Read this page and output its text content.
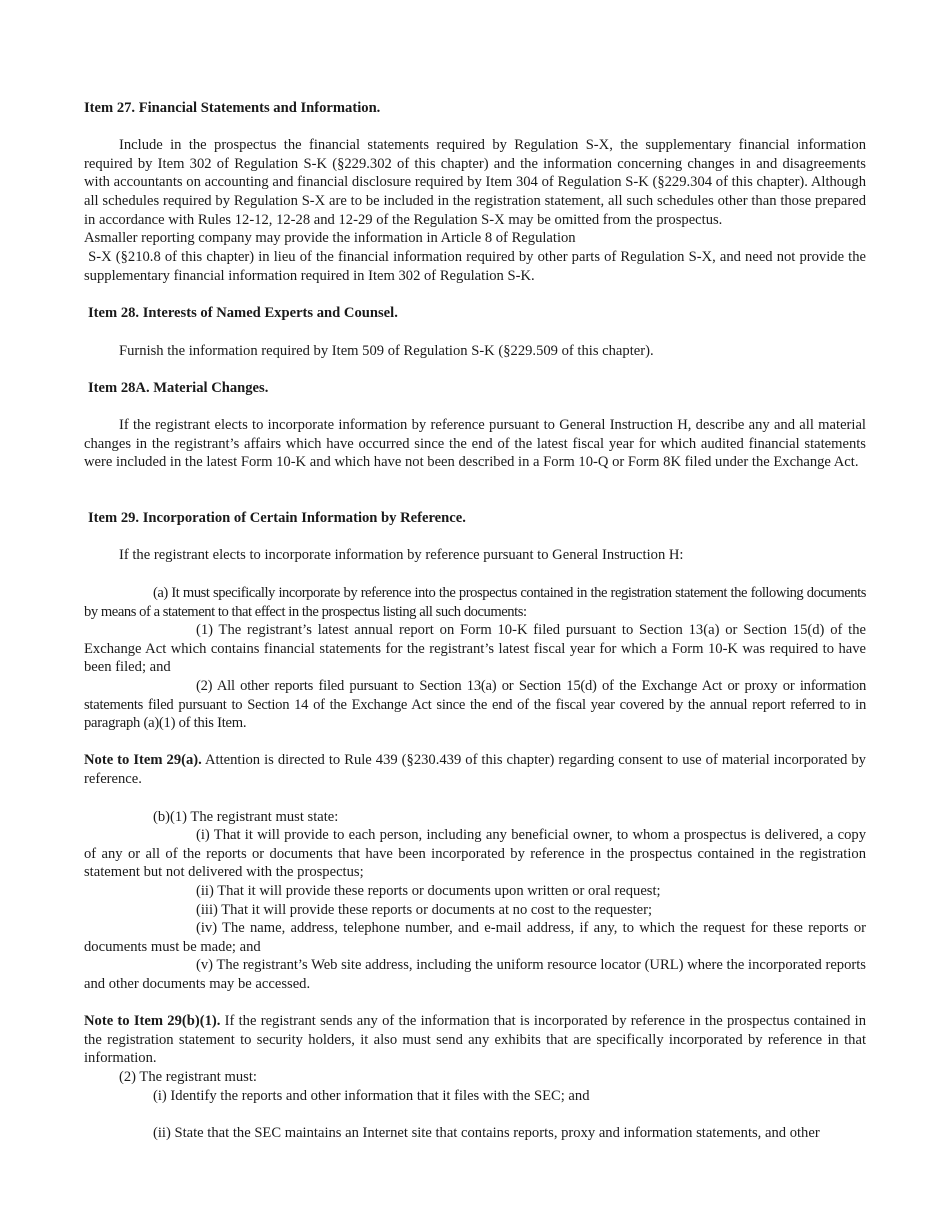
Item 27. Financial Statements and Information.

Include in the prospectus the financial statements required by Regulation S-X, the supplementary financial information required by Item 302 of Regulation S-K (§229.302 of this chapter) and the information concerning changes in and disagreements with accountants on accounting and financial disclosure required by Item 304 of Regulation S-K (§229.304 of this chapter). Although all schedules required by Regulation S-X are to be included in the registration statement, all such schedules other than those prepared in accordance with Rules 12-12, 12-28 and 12-29 of the Regulation S-X may be omitted from the prospectus.

Asmaller reporting company may provide the information in Article 8 of Regulation

S-X (§210.8 of this chapter) in lieu of the financial information required by other parts of Regulation S-X, and need not provide the supplementary financial information required in Item 302 of Regulation S-K.

Item 28. Interests of Named Experts and Counsel.

Furnish the information required by Item 509 of Regulation S-K (§229.509 of this chapter).

Item 28A. Material Changes.

If the registrant elects to incorporate information by reference pursuant to General Instruction H, describe any and all material changes in the registrant’s affairs which have occurred since the end of the latest fiscal year for which audited financial statements were included in the latest Form 10-K and which have not been described in a Form 10-Q or Form 8K filed under the Exchange Act.

Item 29. Incorporation of Certain Information by Reference.

If the registrant elects to incorporate information by reference pursuant to General Instruction H:

(a) It must specifically incorporate by reference into the prospectus contained in the registration statement the following documents by means of a statement to that effect in the prospectus listing all such documents:

(1) The registrant’s latest annual report on Form 10-K filed pursuant to Section 13(a) or Section 15(d) of the Exchange Act which contains financial statements for the registrant’s latest fiscal year for which a Form 10-K was required to have been filed; and

(2) All other reports filed pursuant to Section 13(a) or Section 15(d) of the Exchange Act or proxy or information statements filed pursuant to Section 14 of the Exchange Act since the end of the fiscal year covered by the annual report referred to in paragraph (a)(1) of this Item.

Note to Item 29(a). Attention is directed to Rule 439 (§230.439 of this chapter) regarding consent to use of material incorporated by reference.

(b)(1) The registrant must state:

(i) That it will provide to each person, including any beneficial owner, to whom a prospectus is delivered, a copy of any or all of the reports or documents that have been incorporated by reference in the prospectus contained in the registration statement but not delivered with the prospectus;

(ii) That it will provide these reports or documents upon written or oral request;

(iii) That it will provide these reports or documents at no cost to the requester;

(iv) The name, address, telephone number, and e-mail address, if any, to which the request for these reports or documents must be made; and

(v) The registrant’s Web site address, including the uniform resource locator (URL) where the incorporated reports and other documents may be accessed.

Note to Item 29(b)(1). If the registrant sends any of the information that is incorporated by reference in the prospectus contained in the registration statement to security holders, it also must send any exhibits that are specifically incorporated by reference in that information.

(2) The registrant must:

(i) Identify the reports and other information that it files with the SEC; and

(ii) State that the SEC maintains an Internet site that contains reports, proxy and information statements, and other
